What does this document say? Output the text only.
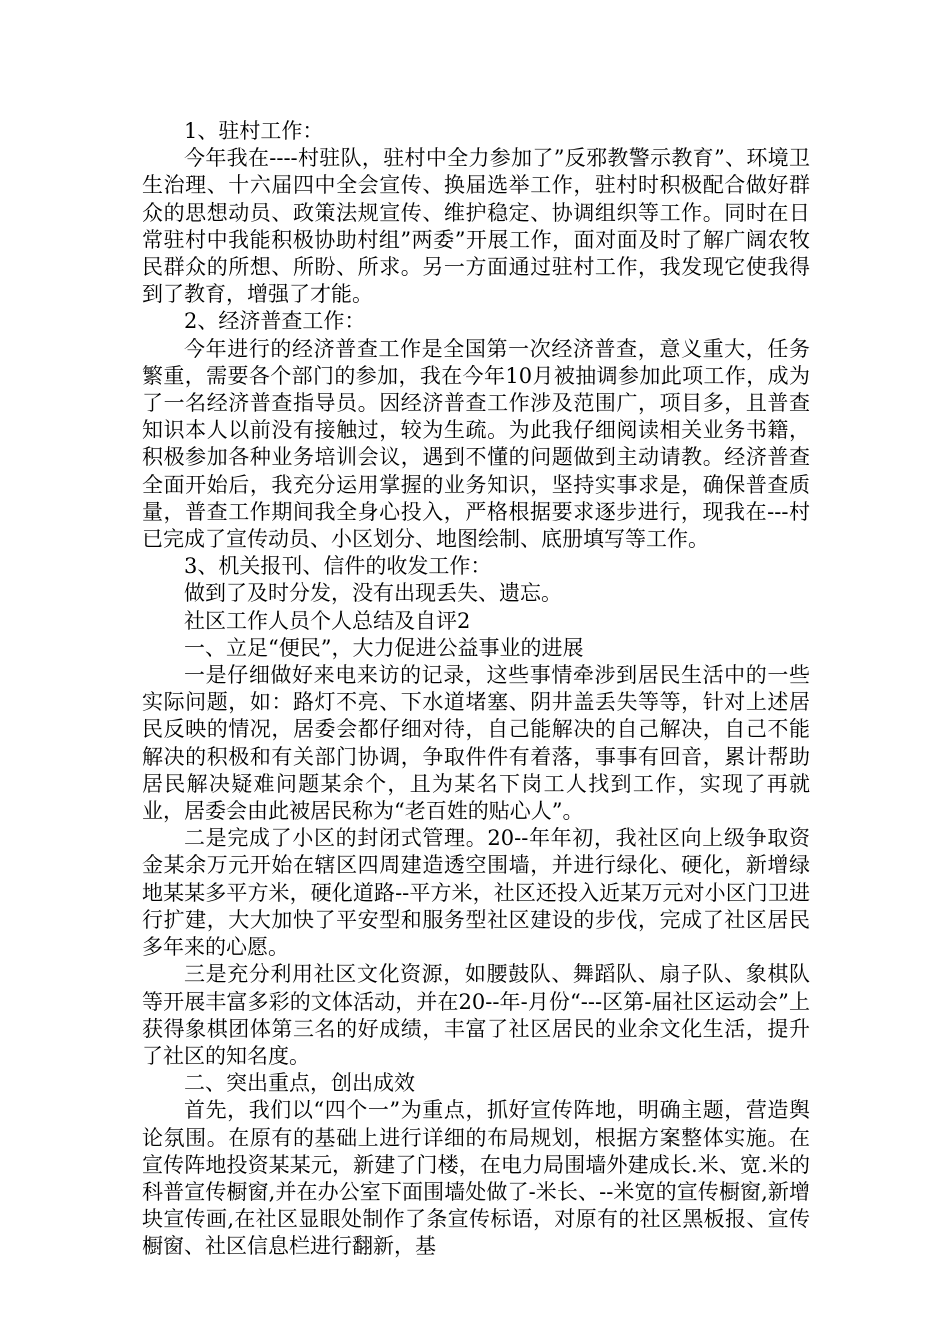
1、驻村工作：

今年我在----村驻队，驻村中全力参加了”反邪教警示教育”、环境卫生治理、十六届四中全会宣传、换届选举工作，驻村时积极配合做好群众的思想动员、政策法规宣传、维护稳定、协调组织等工作。同时在日常驻村中我能积极协助村组”两委”开展工作，面对面及时了解广阔农牧民群众的所想、所盼、所求。另一方面通过驻村工作，我发现它使我得到了教育，增强了才能。

2、经济普查工作：

今年进行的经济普查工作是全国第一次经济普查，意义重大，任务繁重，需要各个部门的参加，我在今年10月被抽调参加此项工作，成为了一名经济普查指导员。因经济普查工作涉及范围广，项目多，且普查知识本人以前没有接触过，较为生疏。为此我仔细阅读相关业务书籍，积极参加各种业务培训会议，遇到不懂的问题做到主动请教。经济普查全面开始后，我充分运用掌握的业务知识，坚持实事求是，确保普查质量，普查工作期间我全身心投入，严格根据要求逐步进行，现我在---村已完成了宣传动员、小区划分、地图绘制、底册填写等工作。

3、机关报刊、信件的收发工作：

做到了及时分发，没有出现丢失、遗忘。

社区工作人员个人总结及自评2

一、立足“便民”，大力促进公益事业的进展

一是仔细做好来电来访的记录，这些事情牵涉到居民生活中的一些实际问题，如：路灯不亮、下水道堵塞、阴井盖丢失等等，针对上述居民反映的情况，居委会都仔细对待，自己能解决的自己解决，自己不能解决的积极和有关部门协调，争取件件有着落，事事有回音，累计帮助居民解决疑难问题某余个，且为某名下岗工人找到工作，实现了再就业，居委会由此被居民称为“老百姓的贴心人”。

二是完成了小区的封闭式管理。20--年年初，我社区向上级争取资金某余万元开始在辖区四周建造透空围墙，并进行绿化、硬化，新增绿地某某多平方米，硬化道路--平方米，社区还投入近某万元对小区门卫进行扩建，大大加快了平安型和服务型社区建设的步伐，完成了社区居民多年来的心愿。

三是充分利用社区文化资源，如腰鼓队、舞蹈队、扇子队、象棋队等开展丰富多彩的文体活动，并在20--年-月份“---区第-届社区运动会”上获得象棋团体第三名的好成绩，丰富了社区居民的业余文化生活，提升了社区的知名度。

二、突出重点，创出成效

首先，我们以“四个一”为重点，抓好宣传阵地，明确主题，营造舆论氛围。在原有的基础上进行详细的布局规划，根据方案整体实施。在宣传阵地投资某某元，新建了门楼，在电力局围墙外建成长.米、宽.米的科普宣传橱窗,并在办公室下面围墙处做了-米长、--米宽的宣传橱窗,新增块宣传画,在社区显眼处制作了条宣传标语，对原有的社区黑板报、宣传橱窗、社区信息栏进行翻新，基
